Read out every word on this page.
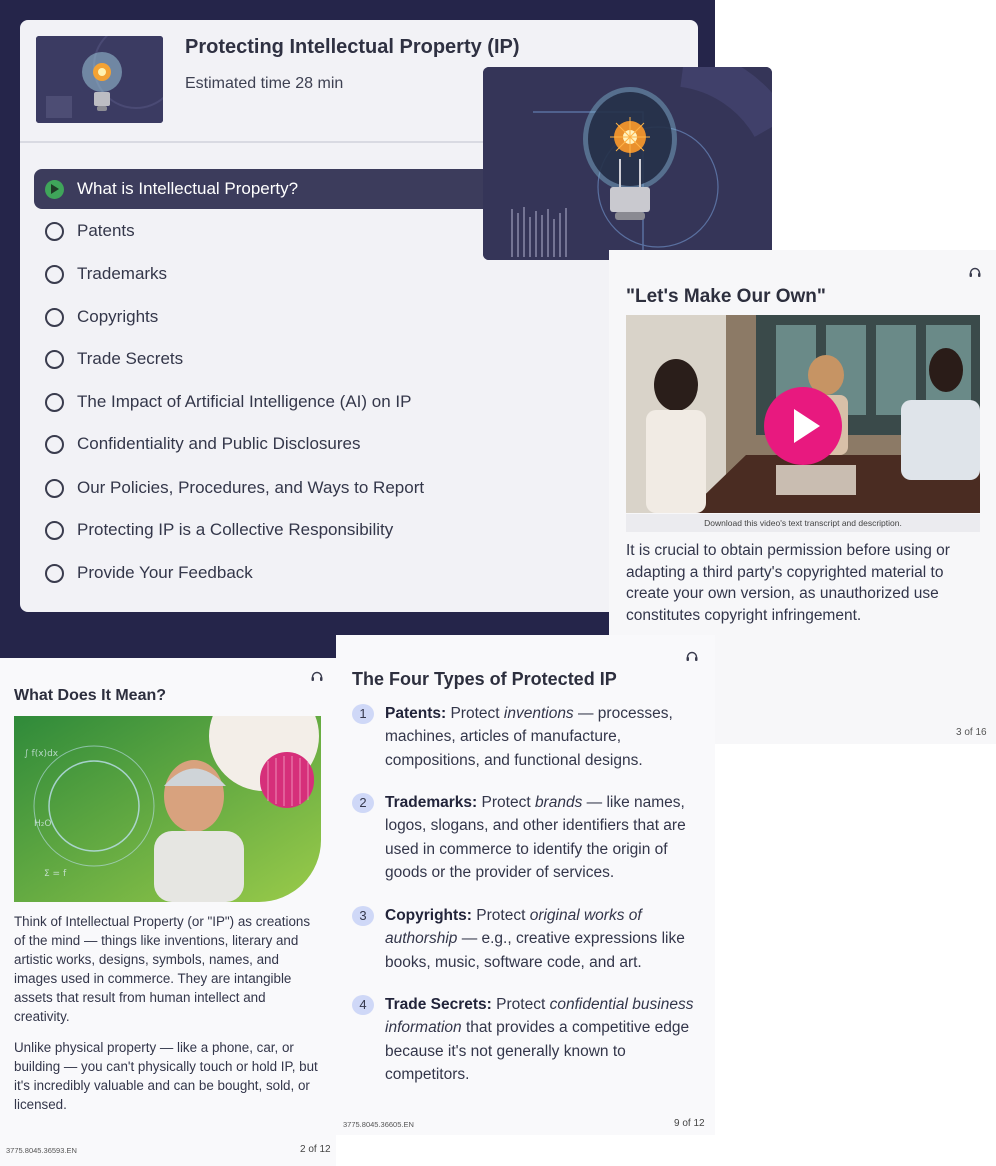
Protecting Intellectual Property (IP)
Estimated time 28 min
What is Intellectual Property?
Patents
Trademarks
Copyrights
Trade Secrets
The Impact of Artificial Intelligence (AI) on IP
Confidentiality and Public Disclosures
Our Policies, Procedures, and Ways to Report
Protecting IP is a Collective Responsibility
Provide Your Feedback
"Let's Make Our Own"
Download this video's text transcript and description.
It is crucial to obtain permission before using or adapting a third party's copyrighted material to create your own version, as unauthorized use constitutes copyright infringement.
3 of 16
What Does It Mean?
∫ f(x)dx
H₂O
Σ = f
Think of Intellectual Property (or "IP") as creations of the mind — things like inventions, literary and artistic works, designs, symbols, names, and images used in commerce. They are intangible assets that result from human intellect and creativity.
Unlike physical property — like a phone, car, or building — you can't physically touch or hold IP, but it's incredibly valuable and can be bought, sold, or licensed.
3775.8045.36593.EN	2 of 12
The Four Types of Protected IP
1	Patents: Protect inventions — processes, machines, articles of manufacture, compositions, and functional designs.
2	Trademarks: Protect brands — like names, logos, slogans, and other identifiers that are used in commerce to identify the origin of goods or the provider of services.
3	Copyrights: Protect original works of authorship — e.g., creative expressions like books, music, software code, and art.
4	Trade Secrets: Protect confidential business information that provides a competitive edge because it's not generally known to competitors.
3775.8045.36605.EN	9 of 12
